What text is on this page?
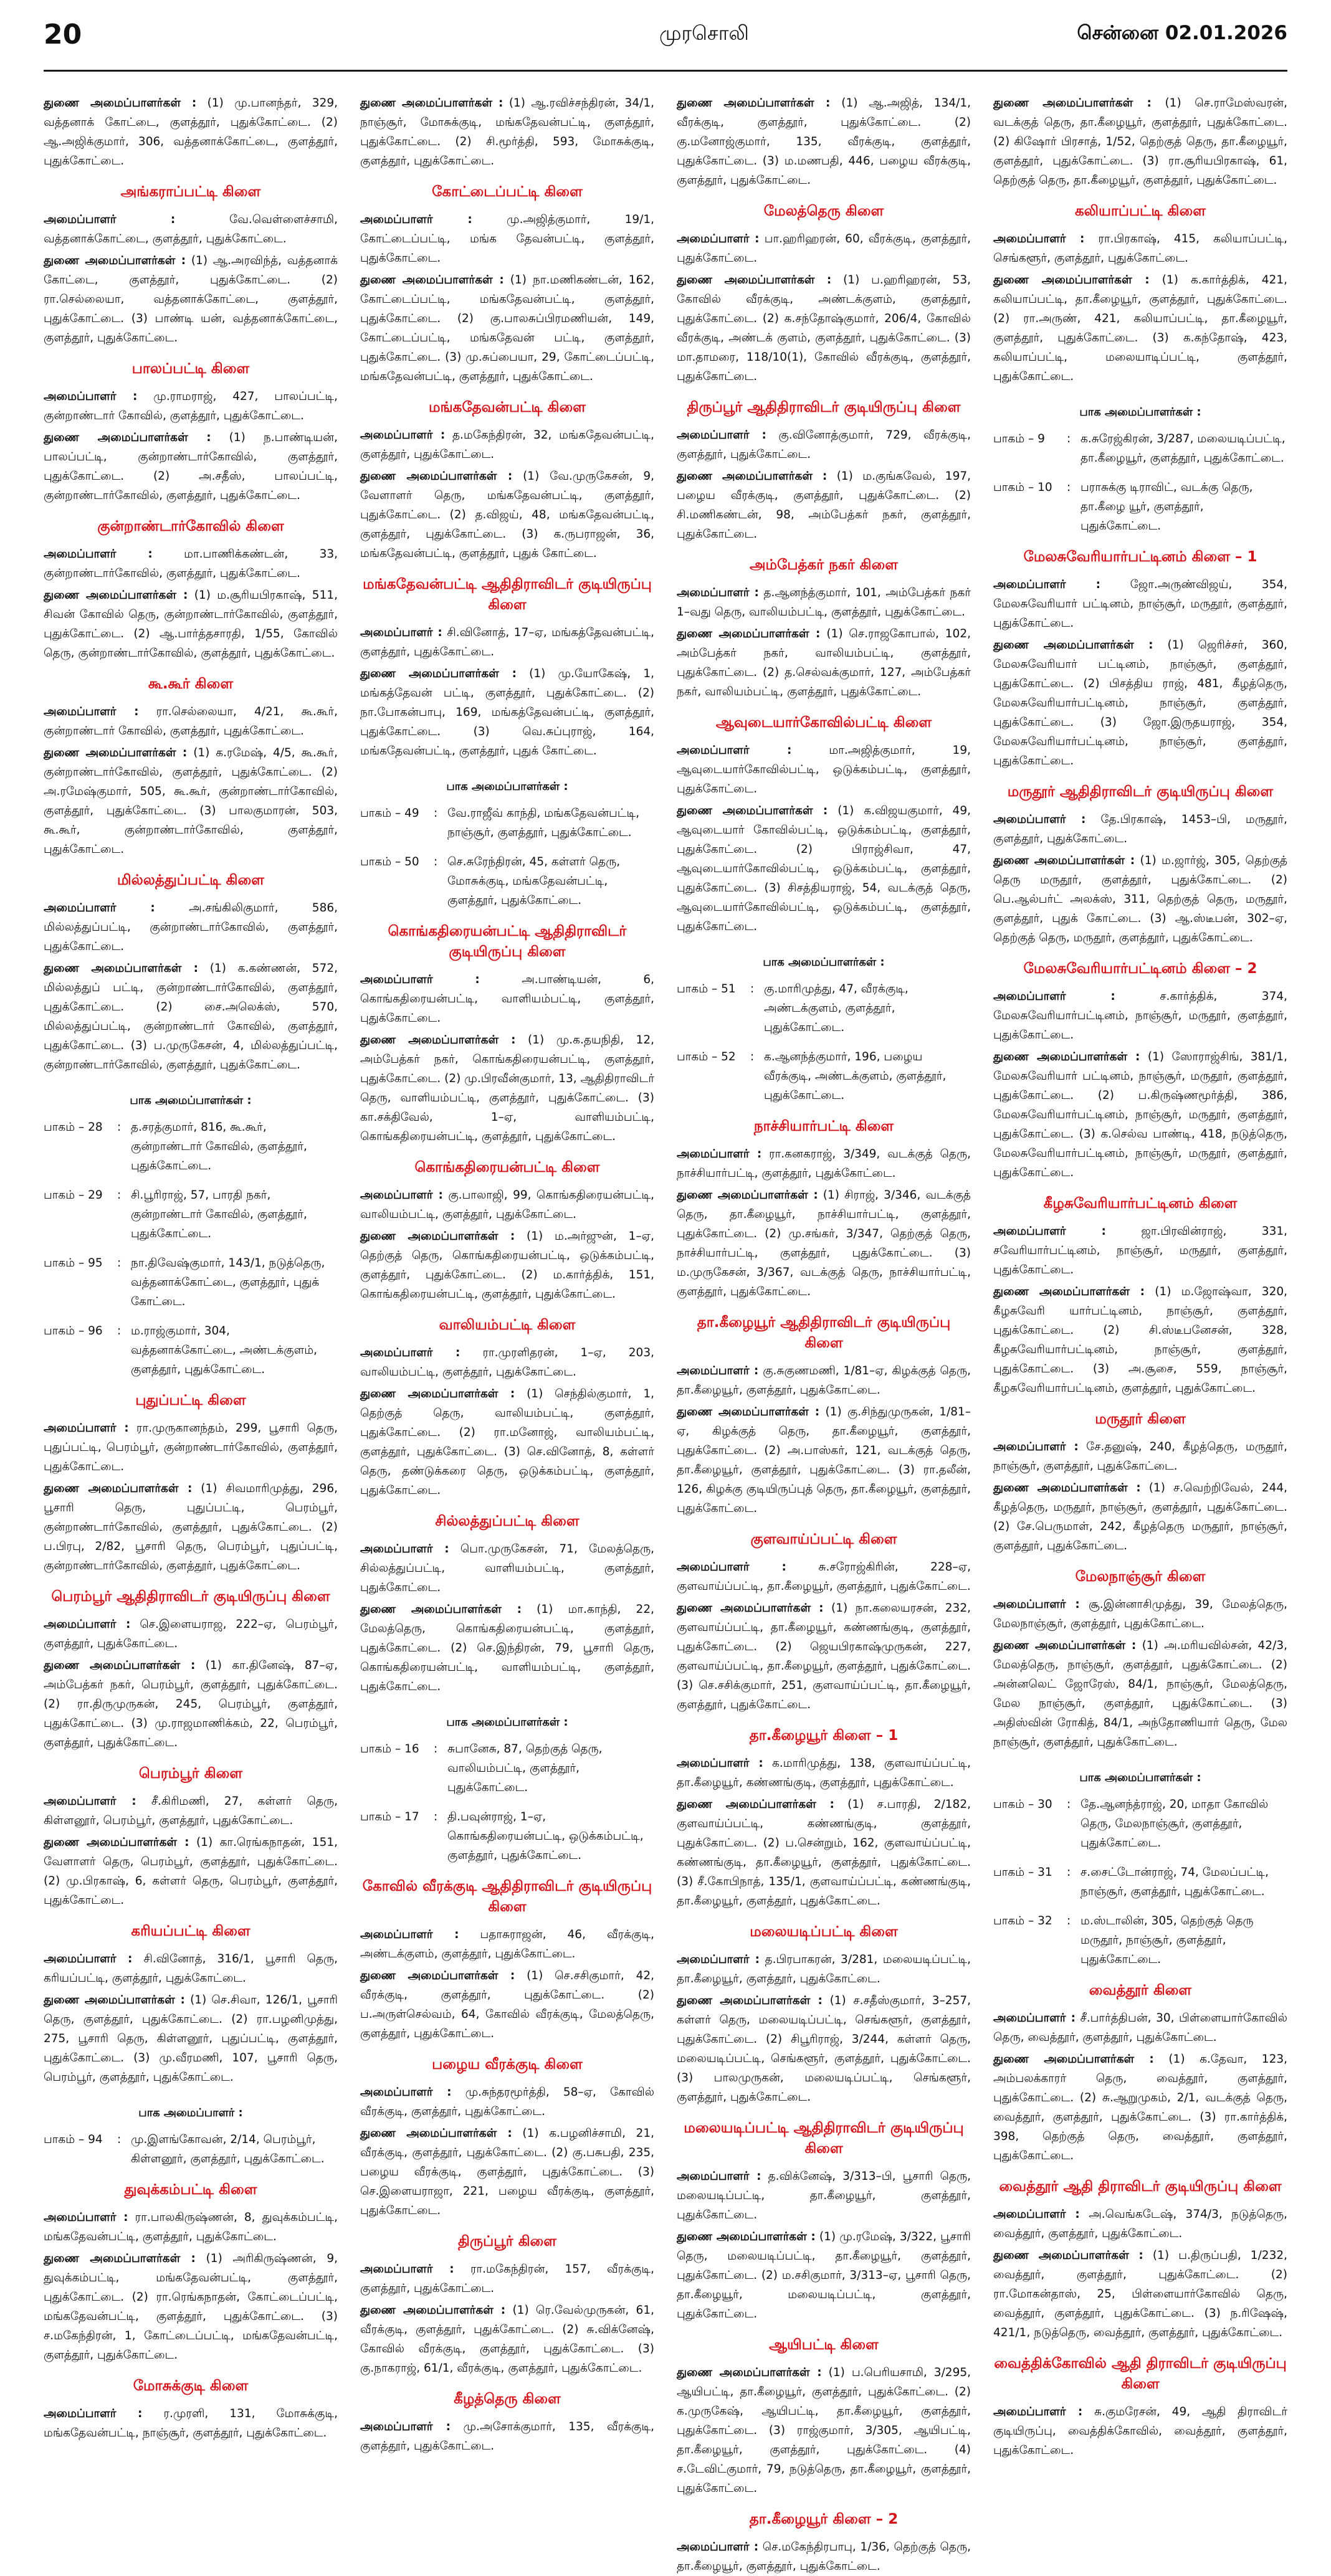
20	முரசொலி	சென்னை 02.01.2026

துணை அமைப்பாளர்கள் : (1) மு.பானந்தர், 329, வத்தனாக் கோட்டை, குளத்தூர், புதுக்கோட்டை. (2) ஆ.அஜிக்குமார், 306, வத்தனாக்கோட்டை, குளத்தூர், புதுக்கோட்டை.

அங்கராப்பட்டி கிளை

அமைப்பாளர் :	வே.வெள்ளைச்சாமி, வத்தனாக்கோட்டை, குளத்தூர், புதுக்கோட்டை.

துணை அமைப்பாளர்கள் : (1) ஆ.அரவிந்த், வத்தனாக் கோட்டை, குளத்தூர், புதுக்கோட்டை. (2) ரா.செல்லையா, வத்தனாக்கோட்டை, குளத்தூர், புதுக்கோட்டை. (3) பாண்டி யன், வத்தனாக்கோட்டை, குளத்தூர், புதுக்கோட்டை.

பாலப்பட்டி கிளை

அமைப்பாளர் : மு.ராமராஜ், 427, பாலப்பட்டி, குன்றாண்டார் கோவில், குளத்தூர், புதுக்கோட்டை.

துணை அமைப்பாளர்கள் : (1) ந.பாண்டியன், பாலப்பட்டி, குன்றாண்டார்கோவில், குளத்தூர், புதுக்கோட்டை. (2) அ.சதீஸ், பாலப்பட்டி, குன்றாண்டார்கோவில், குளத்தூர், புதுக்கோட்டை.

குன்றாண்டார்கோவில் கிளை

அமைப்பாளர் :	மா.பாணிக்கண்டன், 33, குன்றாண்டார்கோவில், குளத்தூர், புதுக்கோட்டை.

துணை அமைப்பாளர்கள் : (1) ம.சூரியபிரகாஷ், 511, சிவன் கோவில் தெரு, குன்றாண்டார்கோவில், குளத்தூர், புதுக்கோட்டை. (2) ஆ.பார்த்தசாரதி, 1/55, கோவில் தெரு, குன்றாண்டார்கோவில், குளத்தூர், புதுக்கோட்டை.

கூ.கூர் கிளை

அமைப்பாளர் : ரா.செல்லையா, 4/21, கூ.கூர், குன்றாண்டார் கோவில், குளத்தூர், புதுக்கோட்டை.

துணை அமைப்பாளர்கள் : (1) க.ரமேஷ், 4/5, கூ.கூர், குன்றாண்டார்கோவில், குளத்தூர், புதுக்கோட்டை. (2) அ.ரமேஷ்குமார், 505, கூ.கூர், குன்றாண்டார்கோவில், குளத்தூர், புதுக்கோட்டை. (3) பாலகுமாரன், 503, கூ.கூர், குன்றாண்டார்கோவில், குளத்தூர், புதுக்கோட்டை.

மில்லத்துப்பட்டி கிளை

அமைப்பாளர் :	அ.சங்கிலிகுமார், 586, மில்லத்துப்பட்டி, குன்றாண்டார்கோவில், குளத்தூர், புதுக்கோட்டை.

துணை அமைப்பாளர்கள் : (1) க.கண்ணன், 572, மில்லத்துப் பட்டி, குன்றாண்டார்கோவில், குளத்தூர், புதுக்கோட்டை. (2) சை.அலெக்ஸ், 570, மில்லத்துப்பட்டி, குன்றாண்டார் கோவில், குளத்தூர், புதுக்கோட்டை. (3) ப.முருகேசன், 4, மில்லத்துப்பட்டி, குன்றாண்டார்கோவில், குளத்தூர், புதுக்கோட்டை.

பாக அமைப்பாளர்கள் :
பாகம் – 28	: த.சரத்குமார், 816, கூ.கூர், குன்றாண்டார் கோவில், குளத்தூர், புதுக்கோட்டை.
பாகம் – 29	: சி.பூரிராஜ், 57, பாரதி நகர், குன்றாண்டார் கோவில், குளத்தூர், புதுக்கோட்டை.
பாகம் – 95	: நா.திவேஷ்குமார், 143/1, நடுத்தெரு, வத்தனாக்கோட்டை, குளத்தூர், புதுக் கோட்டை.
பாகம் – 96	: ம.ராஜ்குமார், 304, வத்தனாக்கோட்டை, அண்டக்குளம், குளத்தூர், புதுக்கோட்டை.
புதுப்பட்டி கிளை

அமைப்பாளர் : ரா.முருகானந்தம், 299, பூசாரி தெரு, புதுப்பட்டி, பெரம்பூர், குன்றாண்டார்கோவில், குளத்தூர், புதுக்கோட்டை.

துணை அமைப்பாளர்கள் : (1) சிவமாரிமுத்து, 296, பூசாரி தெரு, புதுப்பட்டி, பெரம்பூர், குன்றாண்டார்கோவில், குளத்தூர், புதுக்கோட்டை. (2) ப.பிரபு, 2/82, பூசாரி தெரு, பெரம்பூர், புதுப்பட்டி, குன்றாண்டார்கோவில், குளத்தூர், புதுக்கோட்டை.

பெரம்பூர் ஆதிதிராவிடர் குடியிருப்பு கிளை

அமைப்பாளர் : செ.இளையராஜ, 222–ஏ, பெரம்பூர், குளத்தூர், புதுக்கோட்டை.

துணை அமைப்பாளர்கள் : (1) கா.தினேஷ், 87–ஏ, அம்பேத்கர் நகர், பெரம்பூர், குளத்தூர், புதுக்கோட்டை. (2) ரா.திருமுருகன், 245, பெரம்பூர், குளத்தூர், புதுக்கோட்டை. (3) மு.ராஜமாணிக்கம், 22, பெரம்பூர், குளத்தூர், புதுக்கோட்டை.

பெரம்பூர் கிளை

அமைப்பாளர் : சீ.கிரிமணி, 27, கள்ளர் தெரு, கிள்ளனூர், பெரம்பூர், குளத்தூர், புதுக்கோட்டை.

துணை அமைப்பாளர்கள் : (1) கா.ரெங்கநாதன், 151, வேளாளர் தெரு, பெரம்பூர், குளத்தூர், புதுக்கோட்டை. (2) மு.பிரகாஷ், 6, கள்ளர் தெரு, பெரம்பூர், குளத்தூர், புதுக்கோட்டை.

கரியப்பட்டி கிளை

அமைப்பாளர் : சி.வினோத், 316/1, பூசாரி தெரு, கரியப்பட்டி, குளத்தூர், புதுக்கோட்டை.

துணை அமைப்பாளர்கள் : (1) செ.சிவா, 126/1, பூசாரி தெரு, குளத்தூர், புதுக்கோட்டை. (2) ரா.பழனிமுத்து, 275, பூசாரி தெரு, கிள்ளனூர், புதுப்பட்டி, குளத்தூர், புதுக்கோட்டை. (3) மு.வீரமணி, 107, பூசாரி தெரு, பெரம்பூர், குளத்தூர், புதுக்கோட்டை.

பாக அமைப்பாளர் :
பாகம் – 94	: மு.இளங்கோவன், 2/14, பெரம்பூர், கிள்ளனூர், குளத்தூர், புதுக்கோட்டை.
துவுக்கம்பட்டி கிளை

அமைப்பாளர் : ரா.பாலகிருஷ்ணன், 8, துவுக்கம்பட்டி, மங்கதேவன்பட்டி, குளத்தூர், புதுக்கோட்டை.

துணை அமைப்பாளர்கள் : (1) அரிகிருஷ்ணன், 9, துவுக்கம்பட்டி, மங்கதேவன்பட்டி, குளத்தூர், புதுக்கோட்டை. (2) ரா.ரெங்கநாதன், கோட்டைப்பட்டி, மங்கதேவன்பட்டி, குளத்தூர், புதுக்கோட்டை. (3) ச.மகேந்திரன், 1, கோட்டைப்பட்டி, மங்கதேவன்பட்டி, குளத்தூர், புதுக்கோட்டை.

மோசுக்குடி கிளை

அமைப்பாளர் : ர.முரளி, 131, மோசுக்குடி, மங்கதேவன்பட்டி, நாஞ்சூர், குளத்தூர், புதுக்கோட்டை.

துணை அமைப்பாளர்கள் : (1) ஆ.ரவிச்சந்திரன், 34/1, நாஞ்சூர், மோசுக்குடி, மங்கதேவன்பட்டி, குளத்தூர், புதுக்கோட்டை. (2) சி.மூர்த்தி, 593, மோசுக்குடி, குளத்தூர், புதுக்கோட்டை.

கோட்டைப்பட்டி கிளை

அமைப்பாளர் :	மு.அஜித்குமார், 19/1, கோட்டைப்பட்டி, மங்க தேவன்பட்டி, குளத்தூர், புதுக்கோட்டை.

துணை அமைப்பாளர்கள் : (1) நா.மணிகண்டன், 162, கோட்டைப்பட்டி, மங்கதேவன்பட்டி, குளத்தூர், புதுக்கோட்டை. (2) கு.பாலசுப்பிரமணியன், 149, கோட்டைப்பட்டி, மங்கதேவன் பட்டி, குளத்தூர், புதுக்கோட்டை. (3) மு.சுப்பையா, 29, கோட்டைப்பட்டி, மங்கதேவன்பட்டி, குளத்தூர், புதுக்கோட்டை.

மங்கதேவன்பட்டி கிளை

அமைப்பாளர் : த.மகேந்திரன், 32, மங்கதேவன்பட்டி, குளத்தூர், புதுக்கோட்டை.

துணை அமைப்பாளர்கள் : (1) வே.முருகேசன், 9, வேளாளர் தெரு, மங்கதேவன்பட்டி, குளத்தூர், புதுக்கோட்டை. (2) த.விஜய், 48, மங்கதேவன்பட்டி, குளத்தூர், புதுக்கோட்டை. (3) க.ருபராஜன், 36, மங்கதேவன்பட்டி, குளத்தூர், புதுக் கோட்டை.

மங்கதேவன்பட்டி ஆதிதிராவிடர் குடியிருப்பு கிளை

அமைப்பாளர் : சி.வினோத், 17–ஏ, மங்கத்தேவன்பட்டி, குளத்தூர், புதுக்கோட்டை.

துணை அமைப்பாளர்கள் : (1) மு.யோகேஷ், 1, மங்கத்தேவன் பட்டி, குளத்தூர், புதுக்கோட்டை. (2) நா.போகன்பாபு, 169, மங்கத்தேவன்பட்டி, குளத்தூர், புதுக்கோட்டை. (3) வெ.சுப்புராஜ், 164, மங்கதேவன்பட்டி, குளத்தூர், புதுக் கோட்டை.

பாக அமைப்பாளர்கள் :
பாகம் – 49	: வே.ராஜீவ் காந்தி, மங்கதேவன்பட்டி, நாஞ்சூர், குளத்தூர், புதுக்கோட்டை.
பாகம் – 50	: செ.சுரேந்திரன், 45, கள்ளர் தெரு, மோசுக்குடி, மங்கதேவன்பட்டி, குளத்தூர், புதுக்கோட்டை.
கொங்கதிரையன்பட்டி ஆதிதிராவிடர் குடியிருப்பு கிளை

அமைப்பாளர் :	அ.பாண்டியன், 6, கொங்கதிரையன்பட்டி, வாளியம்பட்டி, குளத்தூர், புதுக்கோட்டை.

துணை அமைப்பாளர்கள் : (1) மு.க.தயநிதி, 12, அம்பேத்கர் நகர், கொங்கதிரையன்பட்டி, குளத்தூர், புதுக்கோட்டை. (2) மு.பிரவீன்குமார், 13, ஆதிதிராவிடர் தெரு, வாளியம்பட்டி, குளத்தூர், புதுக்கோட்டை. (3) கா.சக்திவேல், 1–ஏ, வாளியம்பட்டி, கொங்கதிரையன்பட்டி, குளத்தூர், புதுக்கோட்டை.

கொங்கதிரையன்பட்டி கிளை

அமைப்பாளர் : கு.பாலாஜி, 99, கொங்கதிரையன்பட்டி, வாலியம்பட்டி, குளத்தூர், புதுக்கோட்டை.

துணை அமைப்பாளர்கள் : (1) ம.அர்ஜுன், 1–ஏ, தெற்குத் தெரு, கொங்கதிரையன்பட்டி, ஒடுக்கம்பட்டி, குளத்தூர், புதுக்கோட்டை. (2) ம.கார்த்திக், 151, கொங்கதிரையன்பட்டி, குளத்தூர், புதுக்கோட்டை.

வாலியம்பட்டி கிளை

அமைப்பாளர் : ரா.முரளிதரன், 1–ஏ, 203, வாலியம்பட்டி, குளத்தூர், புதுக்கோட்டை.

துணை அமைப்பாளர்கள் : (1) செந்தில்குமார், 1, தெற்குத் தெரு, வாலியம்பட்டி, குளத்தூர், புதுக்கோட்டை. (2) ரா.மனோஜ், வாலியம்பட்டி, குளத்தூர், புதுக்கோட்டை. (3) செ.வினோத், 8, கள்ளர் தெரு, தண்டுக்கரை தெரு, ஒடுக்கம்பட்டி, குளத்தூர், புதுக்கோட்டை.

சில்லத்துப்பட்டி கிளை

அமைப்பாளர் : பொ.முருகேசன், 71, மேலத்தெரு, சில்லத்துப்பட்டி, வாளியம்பட்டி, குளத்தூர், புதுக்கோட்டை.

துணை அமைப்பாளர்கள் : (1) மா.காந்தி, 22, மேலத்தெரு, கொங்கதிரையன்பட்டி, குளத்தூர், புதுக்கோட்டை. (2) செ.இந்திரன், 79, பூசாரி தெரு, கொங்கதிரையன்பட்டி, வாளியம்பட்டி, குளத்தூர், புதுக்கோட்டை.

பாக அமைப்பாளர்கள் :
பாகம் – 16	: சுபானேசு, 87, தெற்குத் தெரு, வாலியம்பட்டி, குளத்தூர், புதுக்கோட்டை.
பாகம் – 17	: தி.பவுன்ராஜ், 1–ஏ, கொங்கதிரையன்பட்டி, ஒடுக்கம்பட்டி, குளத்தூர், புதுக்கோட்டை.
கோவில் வீரக்குடி ஆதிதிராவிடர் குடியிருப்பு கிளை

அமைப்பாளர் : பதாசுராஜன், 46, வீரக்குடி, அண்டக்குளம், குளத்தூர், புதுக்கோட்டை.

துணை அமைப்பாளர்கள் : (1) செ.சசிகுமார், 42, வீரக்குடி, குளத்தூர், புதுக்கோட்டை. (2) ப.அருள்செல்வம், 64, கோவில் வீரக்குடி, மேலத்தெரு, குளத்தூர், புதுக்கோட்டை.

பழைய வீரக்குடி கிளை

அமைப்பாளர் : மு.சுந்தரமூர்த்தி, 58–ஏ, கோவில் வீரக்குடி, குளத்தூர், புதுக்கோட்டை.

துணை அமைப்பாளர்கள் : (1) க.பழனிச்சாமி, 21, வீரக்குடி, குளத்தூர், புதுக்கோட்டை. (2) கு.பசுபதி, 235, பழைய வீரக்குடி, குளத்தூர், புதுக்கோட்டை. (3) செ.இளையராஜா, 221, பழைய வீரக்குடி, குளத்தூர், புதுக்கோட்டை.

திருப்பூர் கிளை

அமைப்பாளர் : ரா.மகேந்திரன், 157, வீரக்குடி, குளத்தூர், புதுக்கோட்டை.

துணை அமைப்பாளர்கள் : (1) ரெ.வேல்முருகன், 61, வீரக்குடி, குளத்தூர், புதுக்கோட்டை. (2) சு.விக்னேஷ், கோவில் வீரக்குடி, குளத்தூர், புதுக்கோட்டை. (3) கு.நாகராஜ், 61/1, வீரக்குடி, குளத்தூர், புதுக்கோட்டை.

கீழத்தெரு கிளை

அமைப்பாளர் : மு.அசோக்குமார், 135, வீரக்குடி, குளத்தூர், புதுக்கோட்டை.

துணை அமைப்பாளர்கள் : (1) ஆ.அஜித், 134/1, வீரக்குடி, குளத்தூர், புதுக்கோட்டை. (2) கு.மனோஜ்குமார், 135, வீரக்குடி, குளத்தூர், புதுக்கோட்டை. (3) ம.மணபதி, 446, பழைய வீரக்குடி, குளத்தூர், புதுக்கோட்டை.

மேலத்தெரு கிளை

அமைப்பாளர் : பா.ஹரிஹரன், 60, வீரக்குடி, குளத்தூர், புதுக்கோட்டை.

துணை அமைப்பாளர்கள் : (1) ப.ஹரிஹரன், 53, கோவில் வீரக்குடி, அண்டக்குளம், குளத்தூர், புதுக்கோட்டை. (2) க.சந்தோஷ்குமார், 206/4, கோவில் வீரக்குடி, அண்டக் குளம், குளத்தூர், புதுக்கோட்டை. (3) மா.தாமரை, 118/10(1), கோவில் வீரக்குடி, குளத்தூர், புதுக்கோட்டை.

திருப்பூர் ஆதிதிராவிடர் குடியிருப்பு கிளை

அமைப்பாளர் : கு.வினோத்குமார், 729, வீரக்குடி, குளத்தூர், புதுக்கோட்டை.

துணை அமைப்பாளர்கள் : (1) ம.குங்கவேல், 197, பழைய வீரக்குடி, குளத்தூர், புதுக்கோட்டை. (2) சி.மணிகண்டன், 98, அம்பேத்கர் நகர், குளத்தூர், புதுக்கோட்டை.

அம்பேத்கர் நகர் கிளை

அமைப்பாளர் : த.ஆனந்த்குமார், 101, அம்பேத்கர் நகர் 1–வது தெரு, வாலியம்பட்டி, குளத்தூர், புதுக்கோட்டை.

துணை அமைப்பாளர்கள் : (1) செ.ராஜகோபால், 102, அம்பேத்கர் நகர், வாலியம்பட்டி, குளத்தூர், புதுக்கோட்டை. (2) த.செல்வக்குமார், 127, அம்பேத்கர் நகர், வாலியம்பட்டி, குளத்தூர், புதுக்கோட்டை.

ஆவுடையார்கோவில்பட்டி கிளை

அமைப்பாளர் :	மா.அஜித்குமார், 19, ஆவுடையார்கோவில்பட்டி, ஒடுக்கம்பட்டி, குளத்தூர், புதுக்கோட்டை.

துணை அமைப்பாளர்கள் : (1) க.விஜயகுமார், 49, ஆவுடையார் கோவில்பட்டி, ஒடுக்கம்பட்டி, குளத்தூர், புதுக்கோட்டை. (2) பிராஜ்சிவா, 47, ஆவுடையார்கோவில்பட்டி, ஒடுக்கம்பட்டி, குளத்தூர், புதுக்கோட்டை. (3) சிசத்தியராஜ், 54, வடக்குத் தெரு, ஆவுடையார்கோவில்பட்டி, ஒடுக்கம்பட்டி, குளத்தூர், புதுக்கோட்டை.

பாக அமைப்பாளர்கள் :
பாகம் – 51	: கு.மாரிமுத்து, 47, வீரக்குடி, அண்டக்குளம், குளத்தூர், புதுக்கோட்டை.
பாகம் – 52	: க.ஆனந்த்குமார், 196, பழைய வீரக்குடி, அண்டக்குளம், குளத்தூர், புதுக்கோட்டை.
நாச்சியார்பட்டி கிளை

அமைப்பாளர் : ரா.கனகராஜ், 3/349, வடக்குத் தெரு, நாச்சியார்பட்டி, குளத்தூர், புதுக்கோட்டை.

துணை அமைப்பாளர்கள் : (1) சிராஜ், 3/346, வடக்குத் தெரு, தா.கீழையூர், நாச்சியார்பட்டி, குளத்தூர், புதுக்கோட்டை. (2) மு.சங்கர், 3/347, தெற்குத் தெரு, நாச்சியார்பட்டி, குளத்தூர், புதுக்கோட்டை. (3) ம.முருகேசன், 3/367, வடக்குத் தெரு, நாச்சியார்பட்டி, குளத்தூர், புதுக்கோட்டை.

தா.கீழையூர் ஆதிதிராவிடர் குடியிருப்பு கிளை

அமைப்பாளர் : கு.சுகுணமணி, 1/81–ஏ, கிழக்குத் தெரு, தா.கீழையூர், குளத்தூர், புதுக்கோட்டை.

துணை அமைப்பாளர்கள் : (1) கு.சிந்துமுருகன், 1/81–ஏ, கிழக்குத் தெரு, தா.கீழையூர், குளத்தூர், புதுக்கோட்டை. (2) அ.பாஸ்கர், 121, வடக்குத் தெரு, தா.கீழையூர், குளத்தூர், புதுக்கோட்டை. (3) ரா.தலீன், 126, கிழக்கு குடியிருப்புத் தெரு, தா.கீழையூர், குளத்தூர், புதுக்கோட்டை.

குளவாய்ப்பட்டி கிளை

அமைப்பாளர் :	சு.சரோஜ்கிரின், 228–ஏ, குளவாய்ப்பட்டி, தா.கீழையூர், குளத்தூர், புதுக்கோட்டை.

துணை அமைப்பாளர்கள் : (1) நா.கலையரசன், 232, குளவாய்ப்பட்டி, தா.கீழையூர், கண்ணங்குடி, குளத்தூர், புதுக்கோட்டை. (2) ஜெயபிரகாஷ்முருகன், 227, குளவாய்ப்பட்டி, தா.கீழையூர், குளத்தூர், புதுக்கோட்டை. (3) செ.சசிக்குமார், 251, குளவாய்ப்பட்டி, தா.கீழையூர், குளத்தூர், புதுக்கோட்டை.

தா.கீழையூர் கிளை – 1

அமைப்பாளர் : க.மாரிமுத்து, 138, குளவாய்ப்பட்டி, தா.கீழையூர், கண்ணங்குடி, குளத்தூர், புதுக்கோட்டை.

துணை அமைப்பாளர்கள் : (1) ச.பாரதி, 2/182, குளவாய்ப்பட்டி, கண்ணங்குடி, குளத்தூர், புதுக்கோட்டை. (2) ப.சென்றும், 162, குளவாய்ப்பட்டி, கண்ணங்குடி, தா.கீழையூர், குளத்தூர், புதுக்கோட்டை. (3) சீ.கோபிநாத், 135/1, குளவாய்ப்பட்டி, கண்ணங்குடி, தா.கீழையூர், குளத்தூர், புதுக்கோட்டை.

மலையடிப்பட்டி கிளை

அமைப்பாளர் : த.பிரபாகரன், 3/281, மலையடிப்பட்டி, தா.கீழையூர், குளத்தூர், புதுக்கோட்டை.

துணை அமைப்பாளர்கள் : (1) ச.சதீஸ்குமார், 3–257, கள்ளர் தெரு, மலையடிப்பட்டி, செங்களூர், குளத்தூர், புதுக்கோட்டை. (2) சிபூரிராஜ், 3/244, கள்ளர் தெரு, மலையடிப்பட்டி, செங்களூர், குளத்தூர், புதுக்கோட்டை. (3) பாலமுருகன், மலையடிப்பட்டி, செங்களூர், குளத்தூர், புதுக்கோட்டை.

மலையடிப்பட்டி ஆதிதிராவிடர் குடியிருப்பு கிளை

அமைப்பாளர் : த.விக்னேஷ், 3/313–பி, பூசாரி தெரு, மலையடிப்பட்டி, தா.கீழையூர், குளத்தூர், புதுக்கோட்டை.

துணை அமைப்பாளர்கள் : (1) மு.ரமேஷ், 3/322, பூசாரி தெரு, மலையடிப்பட்டி, தா.கீழையூர், குளத்தூர், புதுக்கோட்டை. (2) ம.சசிகுமார், 3/313–ஏ, பூசாரி தெரு, தா.கீழையூர், மலையடிப்பட்டி, குளத்தூர், புதுக்கோட்டை.

ஆயிபட்டி கிளை

துணை அமைப்பாளர்கள் : (1) ப.பெரியசாமி, 3/295, ஆயிபட்டி, தா.கீழையூர், குளத்தூர், புதுக்கோட்டை. (2) க.முருகேஷ், ஆயிபட்டி, தா.கீழையூர், குளத்தூர், புதுக்கோட்டை. (3) ராஜ்குமார், 3/305, ஆயிபட்டி, தா.கீழையூர், குளத்தூர், புதுக்கோட்டை. (4) ச.டேவிட்குமார், 79, நடுத்தெரு, தா.கீழையூர், குளத்தூர், புதுக்கோட்டை.

தா.கீழையூர் கிளை – 2

அமைப்பாளர் : செ.மகேந்திரபாபு, 1/36, தெற்குத் தெரு, தா.கீழையூர், குளத்தூர், புதுக்கோட்டை.

துணை அமைப்பாளர்கள் : (1) செ.ராமேஸ்வரன், வடக்குத் தெரு, தா.கீழையூர், குளத்தூர், புதுக்கோட்டை. (2) கிஷோர் பிரசாத், 1/52, தெற்குத் தெரு, தா.கீழையூர், குளத்தூர், புதுக்கோட்டை. (3) ரா.சூரியபிரகாஷ், 61, தெற்குத் தெரு, தா.கீழையூர், குளத்தூர், புதுக்கோட்டை.

கலியாப்பட்டி கிளை

அமைப்பாளர் : ரா.பிரகாஷ், 415, கலியாப்பட்டி, செங்களூர், குளத்தூர், புதுக்கோட்டை.

துணை அமைப்பாளர்கள் : (1) க.கார்த்திக், 421, கலியாப்பட்டி, தா.கீழையூர், குளத்தூர், புதுக்கோட்டை. (2) ரா.அருண், 421, கலியாப்பட்டி, தா.கீழையூர், குளத்தூர், புதுக்கோட்டை. (3) க.கந்தோஷ், 423, கலியாப்பட்டி, மலையாடிப்பட்டி, குளத்தூர், புதுக்கோட்டை.

பாக அமைப்பாளர்கள் :
பாகம் – 9	: க.சுரேஜ்கிரன், 3/287, மலையடிப்பட்டி, தா.கீழையூர், குளத்தூர், புதுக்கோட்டை.
பாகம் – 10	: பராசுக்கு டிராவிட், வடக்கு தெரு, தா.கீழை யூர், குளத்தூர், புதுக்கோட்டை.
மேலசுவேரியார்பட்டினம் கிளை – 1

அமைப்பாளர் :	ஜோ.அருண்விஜய், 354, மேலசுவேரியார் பட்டினம், நாஞ்சூர், மருதூர், குளத்தூர், புதுக்கோட்டை.

துணை அமைப்பாளர்கள் : (1) ஜெரிச்சர், 360, மேலசுவேரியார் பட்டினம், நாஞ்சூர், குளத்தூர், புதுக்கோட்டை. (2) பிசத்திய ராஜ், 481, கீழத்தெரு, மேலசுவேரியார்பட்டினம், நாஞ்சூர், குளத்தூர், புதுக்கோட்டை. (3) ஜோ.இருதயராஜ், 354, மேலசுவேரியார்பட்டினம், நாஞ்சூர், குளத்தூர், புதுக்கோட்டை.

மருதூர் ஆதிதிராவிடர் குடியிருப்பு கிளை

அமைப்பாளர் : தே.பிரகாஷ், 1453–பி, மருதூர், குளத்தூர், புதுக்கோட்டை.

துணை அமைப்பாளர்கள் : (1) ம.ஜார்ஜ், 305, தெற்குத் தெரு மருதூர், குளத்தூர், புதுக்கோட்டை. (2) பெ.ஆல்பர்ட் அலக்ஸ், 311, தெற்குத் தெரு, மருதூர், குளத்தூர், புதுக் கோட்டை. (3) ஆ.ஸ்டீபன், 302–ஏ, தெற்குத் தெரு, மருதூர், குளத்தூர், புதுக்கோட்டை.

மேலசுவேரியார்பட்டினம் கிளை – 2

அமைப்பாளர் :	ச.கார்த்திக், 374, மேலசுவேரியார்பட்டினம், நாஞ்சூர், மருதூர், குளத்தூர், புதுக்கோட்டை.

துணை அமைப்பாளர்கள் : (1) ஸோராஜ்சிங், 381/1, மேலசுவேரியார் பட்டினம், நாஞ்சூர், மருதூர், குளத்தூர், புதுக்கோட்டை. (2) ப.கிருஷ்ணமூர்த்தி, 386, மேலசுவேரியார்பட்டினம், நாஞ்சூர், மருதூர், குளத்தூர், புதுக்கோட்டை. (3) க.செல்வ பாண்டி, 418, நடுத்தெரு, மேலசுவேரியார்பட்டினம், நாஞ்சூர், மருதூர், குளத்தூர், புதுக்கோட்டை.

கீழசுவேரியார்பட்டினம் கிளை

அமைப்பாளர் :	ஜா.பிரவின்ராஜ், 331, சவேரியார்பட்டினம், நாஞ்சூர், மருதூர், குளத்தூர், புதுக்கோட்டை.

துணை அமைப்பாளர்கள் : (1) ம.ஜோஷ்வா, 320, கீழசுவேரி யார்பட்டினம், நாஞ்சூர், குளத்தூர், புதுக்கோட்டை. (2) சி.ஸ்டீபனேசன், 328, கீழசுவேரியார்பட்டினம், நாஞ்சூர், குளத்தூர், புதுக்கோட்டை. (3) அ.சூசை, 559, நாஞ்சூர், கீழசுவேரியார்பட்டினம், குளத்தூர், புதுக்கோட்டை.

மருதூர் கிளை

அமைப்பாளர் : சே.தனுஷ், 240, கீழத்தெரு, மருதூர், நாஞ்சூர், குளத்தூர், புதுக்கோட்டை.

துணை அமைப்பாளர்கள் : (1) ச.வெற்றிவேல், 244, கீழத்தெரு, மருதூர், நாஞ்சூர், குளத்தூர், புதுக்கோட்டை. (2) சே.பெருமாள், 242, கீழத்தெரு மருதூர், நாஞ்சூர், குளத்தூர், புதுக்கோட்டை.

மேலநாஞ்சூர் கிளை

அமைப்பாளர் : சூ.இன்னாசிமுத்து, 39, மேலத்தெரு, மேலநாஞ்சூர், குளத்தூர், புதுக்கோட்டை.

துணை அமைப்பாளர்கள் : (1) அ.மரியவில்சன், 42/3, மேலத்தெரு, நாஞ்சூர், குளத்தூர், புதுக்கோட்டை. (2) அன்னலெட் ஜோரேஸ், 84/1, நாஞ்சூர், மேலத்தெரு, மேல நாஞ்சூர், குளத்தூர், புதுக்கோட்டை. (3) அதிஸ்வின் ரோகித், 84/1, அந்தோணியார் தெரு, மேல நாஞ்சூர், குளத்தூர், புதுக்கோட்டை.

பாக அமைப்பாளர்கள் :
பாகம் – 30	: தே.ஆனந்த்ராஜ், 20, மாதா கோவில் தெரு, மேலநாஞ்சூர், குளத்தூர், புதுக்கோட்டை.
பாகம் – 31	: ச.சைட்டோன்ராஜ், 74, மேலப்பட்டி, நாஞ்சூர், குளத்தூர், புதுக்கோட்டை.
பாகம் – 32	: ம.ஸ்டாலின், 305, தெற்குத் தெரு மருதூர், நாஞ்சூர், குளத்தூர், புதுக்கோட்டை.
வைத்தூர் கிளை

அமைப்பாளர் : சீ.பார்த்திபன், 30, பிள்ளையார்கோவில் தெரு, வைத்தூர், குளத்தூர், புதுக்கோட்டை.

துணை அமைப்பாளர்கள் : (1) க.தேவா, 123, அம்பலக்காரர் தெரு, வைத்தூர், குளத்தூர், புதுக்கோட்டை. (2) சு.ஆறுமுகம், 2/1, வடக்குத் தெரு, வைத்தூர், குளத்தூர், புதுக்கோட்டை. (3) ரா.கார்த்திக், 398, தெற்குத் தெரு, வைத்தூர், குளத்தூர், புதுக்கோட்டை.

வைத்தூர் ஆதி திராவிடர் குடியிருப்பு கிளை

அமைப்பாளர் : அ.வெங்கடேஷ், 374/3, நடுத்தெரு, வைத்தூர், குளத்தூர், புதுக்கோட்டை.

துணை அமைப்பாளர்கள் : (1) ப.திருப்பதி, 1/232, வைத்தூர், குளத்தூர், புதுக்கோட்டை. (2) ரா.மோகன்தாஸ், 25, பிள்ளையார்கோவில் தெரு, வைத்தூர், குளத்தூர், புதுக்கோட்டை. (3) ந.ரிஷேஷ், 421/1, நடுத்தெரு, வைத்தூர், குளத்தூர், புதுக்கோட்டை.

வைத்திக்கோவில் ஆதி திராவிடர் குடியிருப்பு கிளை

அமைப்பாளர் : சு.குமரேசன், 49, ஆதி திராவிடர் குடியிருப்பு, வைத்திக்கோவில், வைத்தூர், குளத்தூர், புதுக்கோட்டை.
